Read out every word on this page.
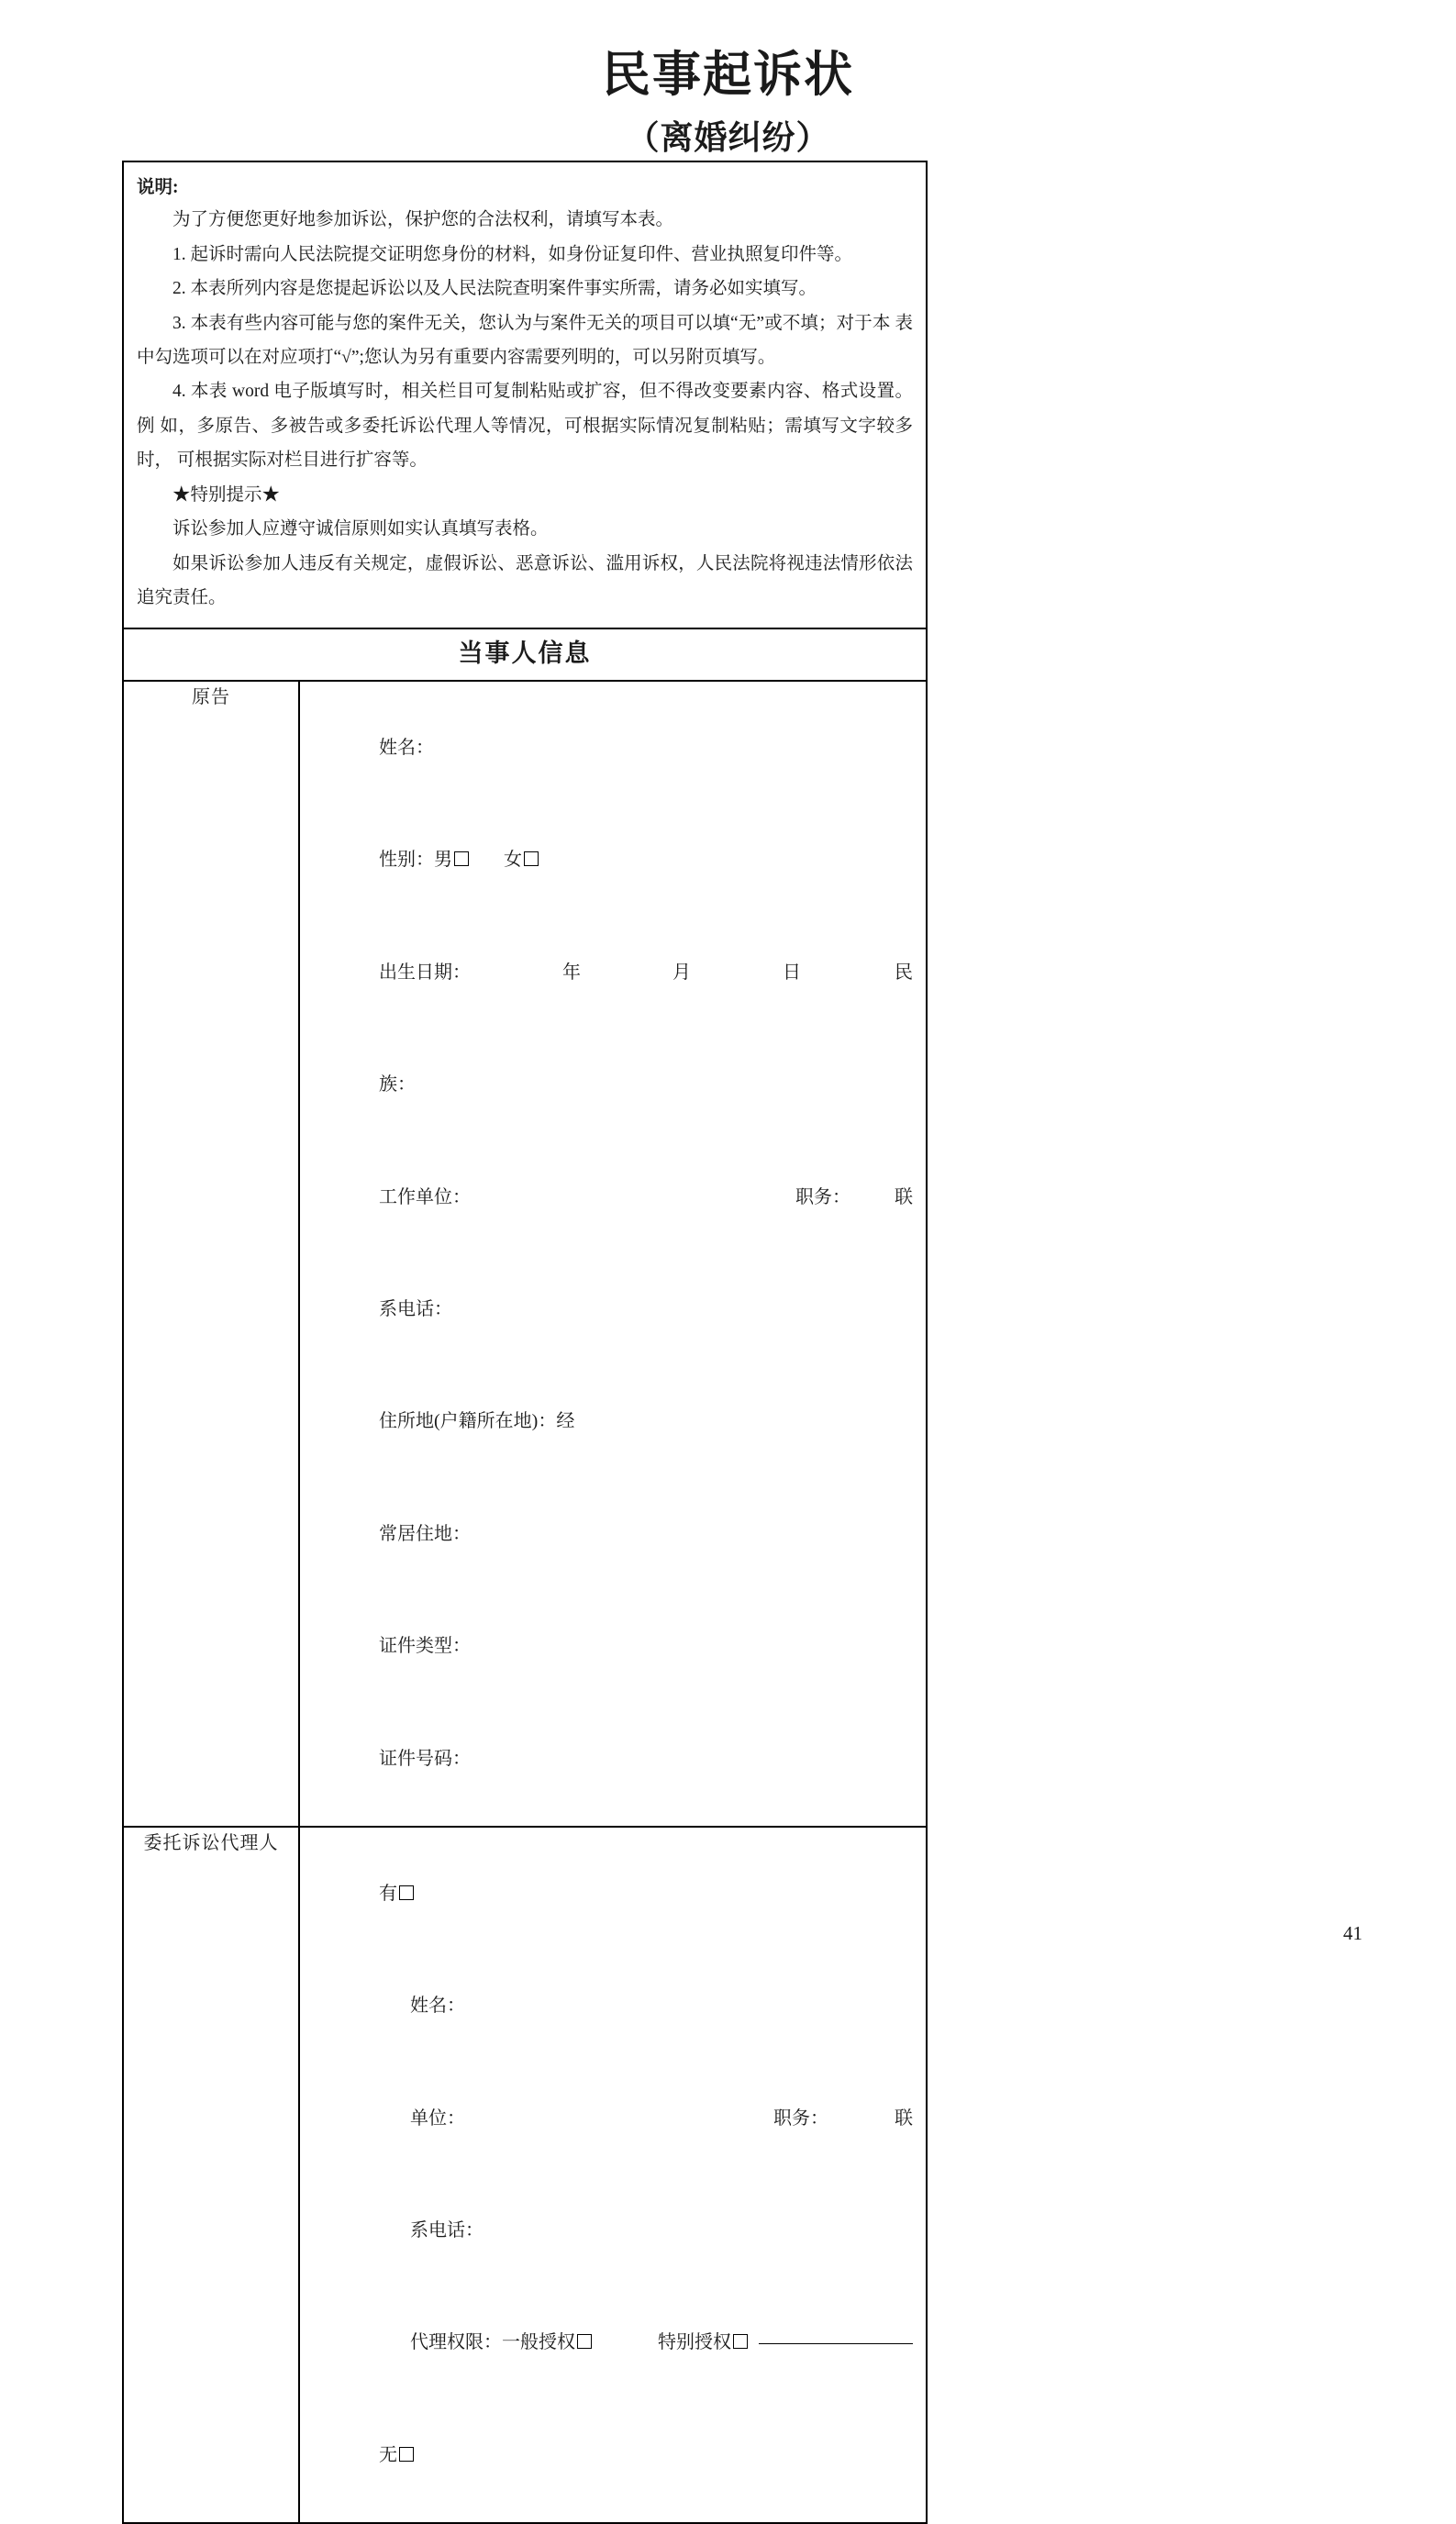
民事起诉状
（离婚纠纷）

说明:

为了方便您更好地参加诉讼，保护您的合法权利，请填写本表。

1. 起诉时需向人民法院提交证明您身份的材料，如身份证复印件、营业执照复印件等。

2. 本表所列内容是您提起诉讼以及人民法院查明案件事实所需，请务必如实填写。

3. 本表有些内容可能与您的案件无关，您认为与案件无关的项目可以填“无”或不填；对于本 表中勾选项可以在对应项打“√”;您认为另有重要内容需要列明的，可以另附页填写。

4. 本表 word 电子版填写时，相关栏目可复制粘贴或扩容，但不得改变要素内容、格式设置。例 如，多原告、多被告或多委托诉讼代理人等情况，可根据实际情况复制粘贴；需填写文字较多时， 可根据实际对栏目进行扩容等。

★特别提示★

诉讼参加人应遵守诚信原则如实认真填写表格。

如果诉讼参加人违反有关规定，虚假诉讼、恶意诉讼、滥用诉权，人民法院将视违法情形依法 追究责任。

当事人信息	

原告	

姓名：

性别：男	女

出生日期：	年	月	日	民

族：

工作单位：	职务： 联

系电话：

住所地(户籍所在地)：经

常居住地：

证件类型：

证件号码：

委托诉讼代理人	

有

姓名：

单位：	职务：	联

系电话：

代理权限：一般授权	特别授权

无

41
